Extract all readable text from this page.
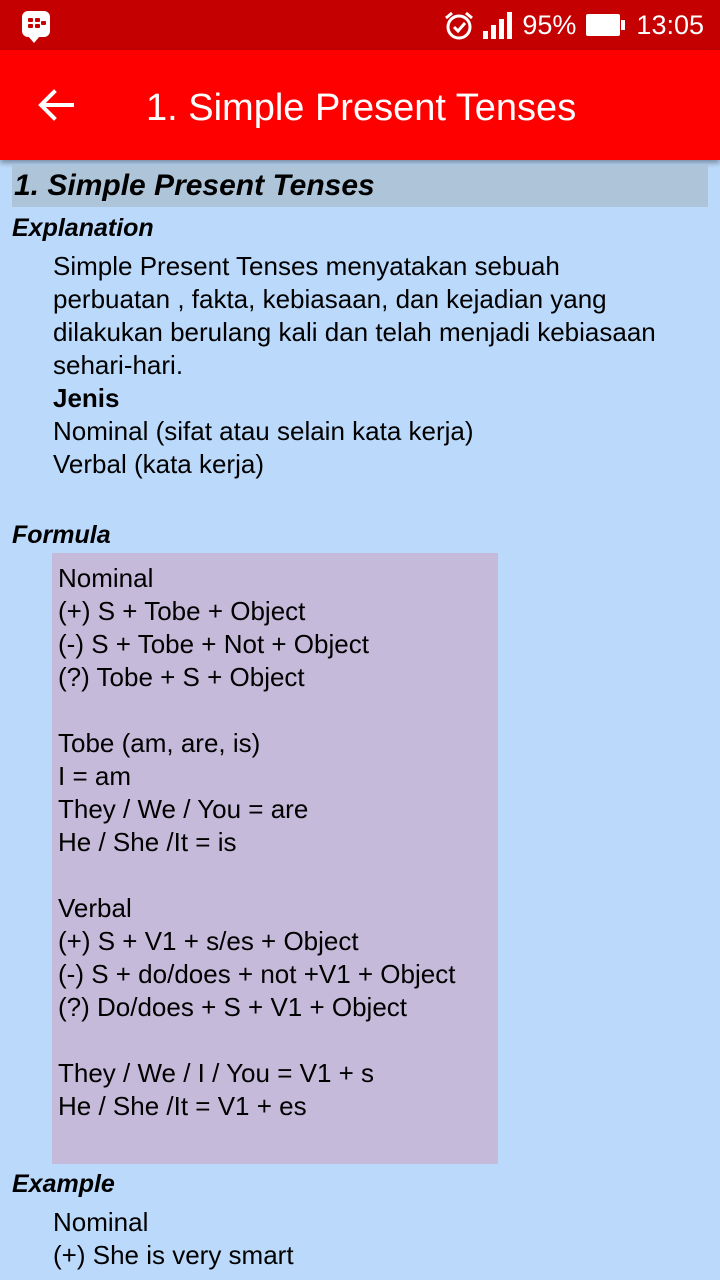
95% 13:05
1. Simple Present Tenses
1. Simple Present Tenses
Explanation
Simple Present Tenses menyatakan sebuah
perbuatan , fakta, kebiasaan, dan kejadian yang
dilakukan berulang kali dan telah menjadi kebiasaan
sehari-hari.
Jenis
Nominal (sifat atau selain kata kerja)
Verbal (kata kerja)
Formula
Nominal
(+) S + Tobe + Object
(-) S + Tobe + Not + Object
(?) Tobe + S + Object
Tobe (am, are, is)
I = am
They / We / You = are
He / She /It = is
Verbal
(+) S + V1 + s/es + Object
(-) S + do/does + not +V1 + Object
(?) Do/does + S + V1 + Object
They / We / I / You = V1 + s
He / She /It = V1 + es
Example
Nominal
(+) She is very smart
